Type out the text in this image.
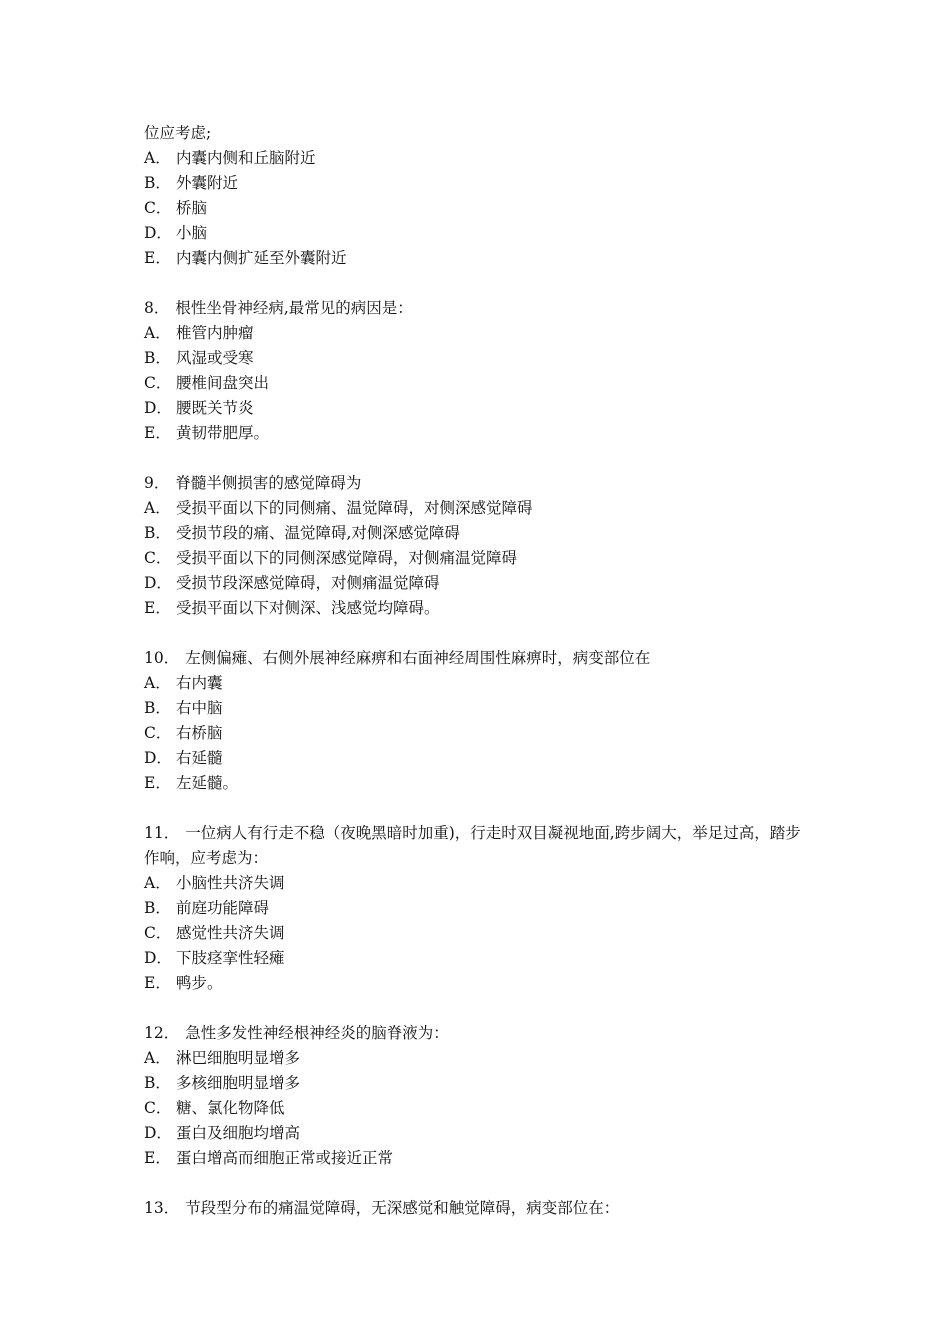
位应考虑;
A． 内囊内侧和丘脑附近
B． 外囊附近
C． 桥脑
D． 小脑
E． 内囊内侧扩延至外囊附近
8． 根性坐骨神经病,最常见的病因是：
A． 椎管内肿瘤
B． 风湿或受寒
C． 腰椎间盘突出
D． 腰既关节炎
E． 黄韧带肥厚。
9． 脊髓半侧损害的感觉障碍为
A． 受损平面以下的同侧痛、温觉障碍，对侧深感觉障碍
B． 受损节段的痛、温觉障碍,对侧深感觉障碍
C． 受损平面以下的同侧深感觉障碍，对侧痛温觉障碍
D． 受损节段深感觉障碍，对侧痛温觉障碍
E． 受损平面以下对侧深、浅感觉均障碍。
10． 左侧偏瘫、右侧外展神经麻痹和右面神经周围性麻痹时，病变部位在
A． 右内囊
B． 右中脑
C． 右桥脑
D． 右延髓
E． 左延髓。
11． 一位病人有行走不稳（夜晚黑暗时加重)，行走时双目凝视地面,跨步阔大，举足过高，踏步作响，应考虑为：
A． 小脑性共济失调
B． 前庭功能障碍
C． 感觉性共济失调
D． 下肢痉挛性轻瘫
E． 鸭步。
12． 急性多发性神经根神经炎的脑脊液为：
A． 淋巴细胞明显增多
B． 多核细胞明显增多
C． 糖、氯化物降低
D． 蛋白及细胞均增高
E． 蛋白增高而细胞正常或接近正常
13． 节段型分布的痛温觉障碍，无深感觉和触觉障碍，病变部位在：
